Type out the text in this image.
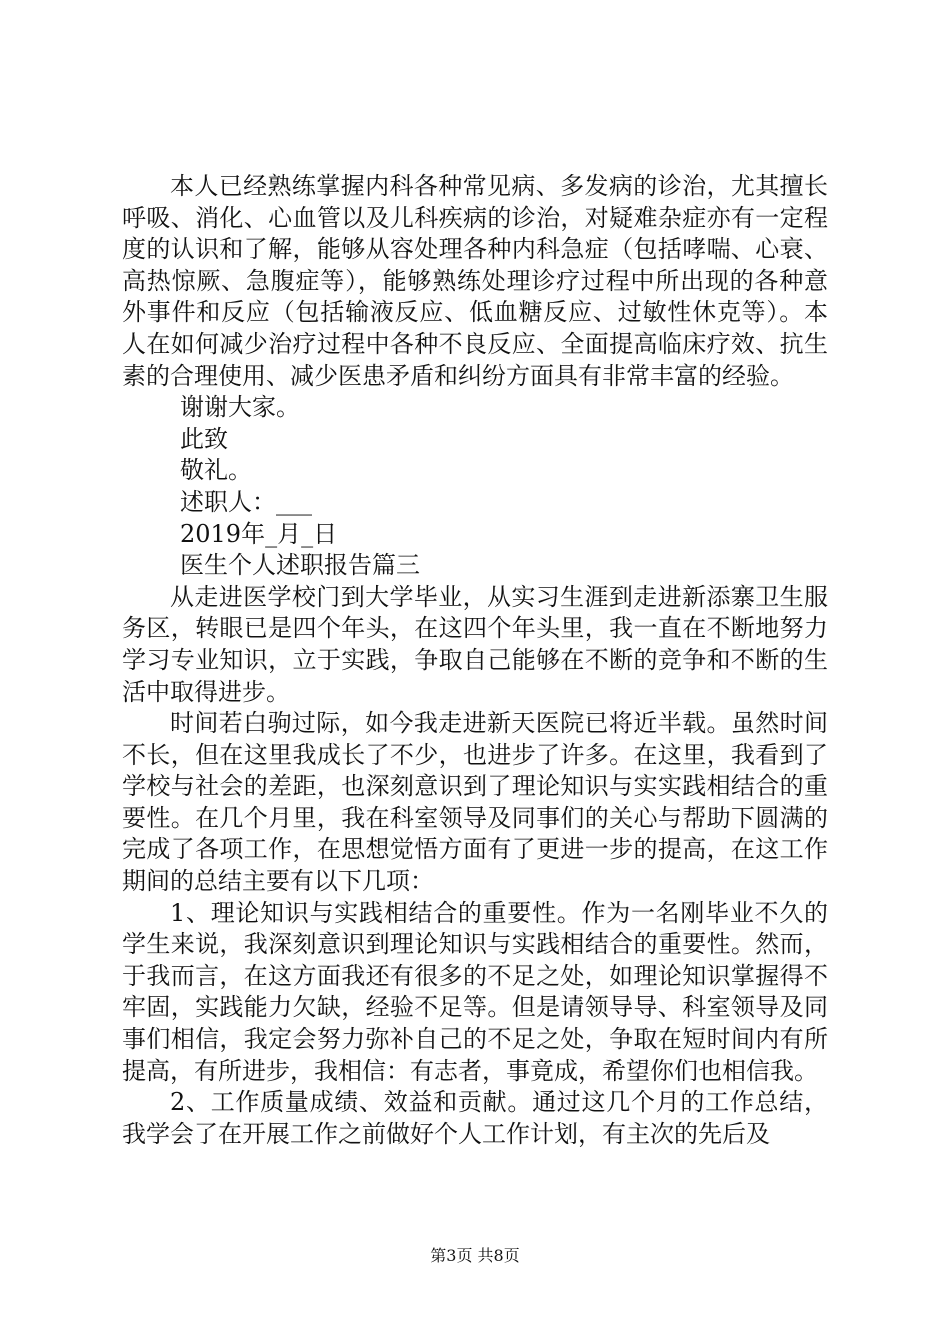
本人已经熟练掌握内科各种常见病、多发病的诊治，尤其擅长呼吸、消化、心血管以及儿科疾病的诊治，对疑难杂症亦有一定程度的认识和了解，能够从容处理各种内科急症（包括哮喘、心衰、高热惊厥、急腹症等），能够熟练处理诊疗过程中所出现的各种意外事件和反应（包括输液反应、低血糖反应、过敏性休克等）。本人在如何减少治疗过程中各种不良反应、全面提高临床疗效、抗生素的合理使用、减少医患矛盾和纠纷方面具有非常丰富的经验。

谢谢大家。

此致

敬礼。

述职人：___

2019年_月_日

医生个人述职报告篇三

从走进医学校门到大学毕业，从实习生涯到走进新添寨卫生服务区，转眼已是四个年头，在这四个年头里，我一直在不断地努力学习专业知识，立于实践，争取自己能够在不断的竞争和不断的生活中取得进步。

时间若白驹过际，如今我走进新天医院已将近半载。虽然时间不长，但在这里我成长了不少，也进步了许多。在这里，我看到了学校与社会的差距，也深刻意识到了理论知识与实实践相结合的重要性。在几个月里，我在科室领导及同事们的关心与帮助下圆满的完成了各项工作，在思想觉悟方面有了更进一步的提高，在这工作期间的总结主要有以下几项：

1、理论知识与实践相结合的重要性。作为一名刚毕业不久的学生来说，我深刻意识到理论知识与实践相结合的重要性。然而，于我而言，在这方面我还有很多的不足之处，如理论知识掌握得不牢固，实践能力欠缺，经验不足等。但是请领导导、科室领导及同事们相信，我定会努力弥补自己的不足之处，争取在短时间内有所提高，有所进步，我相信：有志者，事竟成，希望你们也相信我。

2、工作质量成绩、效益和贡献。通过这几个月的工作总结，我学会了在开展工作之前做好个人工作计划，有主次的先后及

第3页 共8页
